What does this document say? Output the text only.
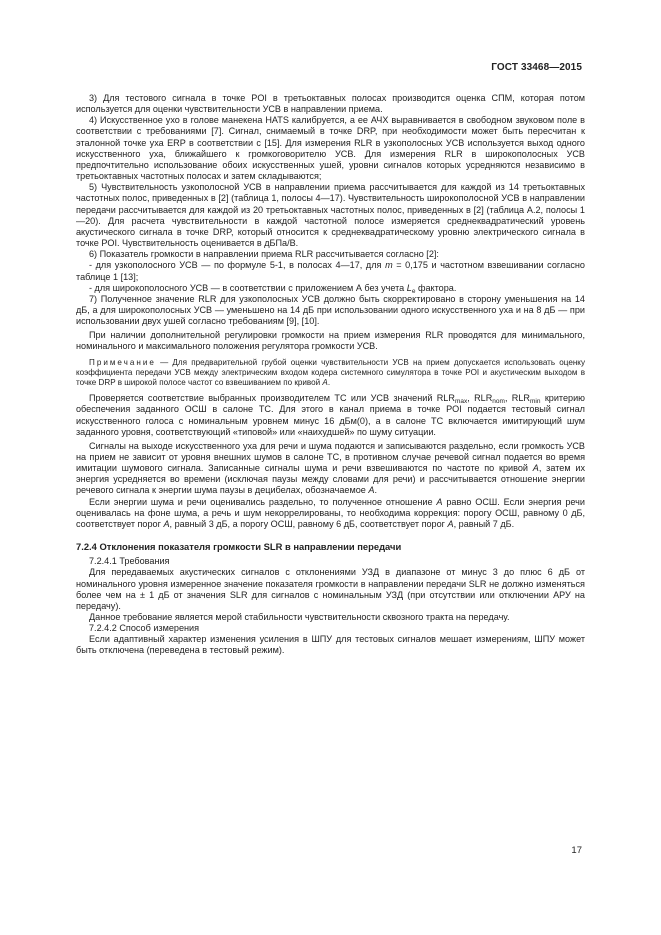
ГОСТ 33468—2015

3) Для тестового сигнала в точке POI в третьоктавных полосах производится оценка СПМ, которая потом используется для оценки чувствительности УСВ в направлении приема.

4) Искусственное ухо в голове манекена HATS калибруется, а ее АЧХ выравнивается в свободном звуковом поле в соответствии с требованиями [7]. Сигнал, снимаемый в точке DRP, при необходимости может быть пересчитан к эталонной точке уха ERP в соответствии с [15]. Для измерения RLR в узкополосных УСВ используется выход одного искусственного уха, ближайшего к громкоговорителю УСВ. Для измерения RLR в широкополосных УСВ предпочтительно использование обоих искусственных ушей, уровни сигналов которых усредняются независимо в третьоктавных частотных полосах и затем складываются;

5) Чувствительность узкополосной УСВ в направлении приема рассчитывается для каждой из 14 третьоктавных частотных полос, приведенных в [2] (таблица 1, полосы 4—17). Чувствительность широкополосной УСВ в направлении передачи рассчитывается для каждой из 20 третьоктавных частотных полос, приведенных в [2] (таблица А.2, полосы 1—20). Для расчета чувствительности в каждой частотной полосе измеряется среднеквадратический уровень акустического сигнала в точке DRP, который относится к среднеквадратическому уровню электрического сигнала в точке POI. Чувствительность оценивается в дБПа/В.

6) Показатель громкости в направлении приема RLR рассчитывается согласно [2]:

- для узкополосного УСВ — по формуле 5-1, в полосах 4—17, для m = 0,175 и частотном взвешивании согласно таблице 1 [13];

- для широкополосного УСВ — в соответствии с приложением А без учета $L_e$ фактора.

7) Полученное значение RLR для узкополосных УСВ должно быть скорректировано в сторону уменьшения на 14 дБ, а для широкополосных УСВ — уменьшено на 14 дБ при использовании одного искусственного уха и на 8 дБ — при использовании двух ушей согласно требованиям [9], [10].

При наличии дополнительной регулировки громкости на прием измерения RLR проводятся для минимального, номинального и максимального положения регулятора громкости УСВ.

Примечание — Для предварительной грубой оценки чувствительности УСВ на прием допускается использовать оценку коэффициента передачи УСВ между электрическим входом кодера системного симулятора в точке POI и акустическим выходом в точке DRP в широкой полосе частот со взвешиванием по кривой А.

Проверяется соответствие выбранных производителем ТС или УСВ значений $RLR_{max}$, $RLR_{nom}$, $RLR_{min}$ критерию обеспечения заданного ОСШ в салоне ТС. Для этого в канал приема в точке POI подается тестовый сигнал искусственного голоса с номинальным уровнем минус 16 дБм(0), а в салоне ТС включается имитирующий шум заданного уровня, соответствующий «типовой» или «наихудшей» по шуму ситуации.

Сигналы на выходе искусственного уха для речи и шума подаются и записываются раздельно, если громкость УСВ на прием не зависит от уровня внешних шумов в салоне ТС, в противном случае речевой сигнал подается во время имитации шумового сигнала. Записанные сигналы шума и речи взвешиваются по частоте по кривой А, затем их энергия усредняется во времени (исключая паузы между словами для речи) и рассчитывается отношение энергии речевого сигнала к энергии шума паузы в децибелах, обозначаемое А.

Если энергии шума и речи оценивались раздельно, то полученное отношение А равно ОСШ. Если энергия речи оценивалась на фоне шума, а речь и шум некоррелированы, то необходима коррекция: порогу ОСШ, равному 0 дБ, соответствует порог А, равный 3 дБ, а порогу ОСШ, равному 6 дБ, соответствует порог А, равный 7 дБ.

7.2.4 Отклонения показателя громкости SLR в направлении передачи

7.2.4.1 Требования

Для передаваемых акустических сигналов с отклонениями УЗД в диапазоне от минус 3 до плюс 6 дБ от номинального уровня измеренное значение показателя громкости в направлении передачи SLR не должно изменяться более чем на ± 1 дБ от значения SLR для сигналов с номинальным УЗД (при отсутствии или отключении АРУ на передачу).

Данное требование является мерой стабильности чувствительности сквозного тракта на передачу.

7.2.4.2 Способ измерения

Если адаптивный характер изменения усиления в ШПУ для тестовых сигналов мешает измерениям, ШПУ может быть отключена (переведена в тестовый режим).

17
